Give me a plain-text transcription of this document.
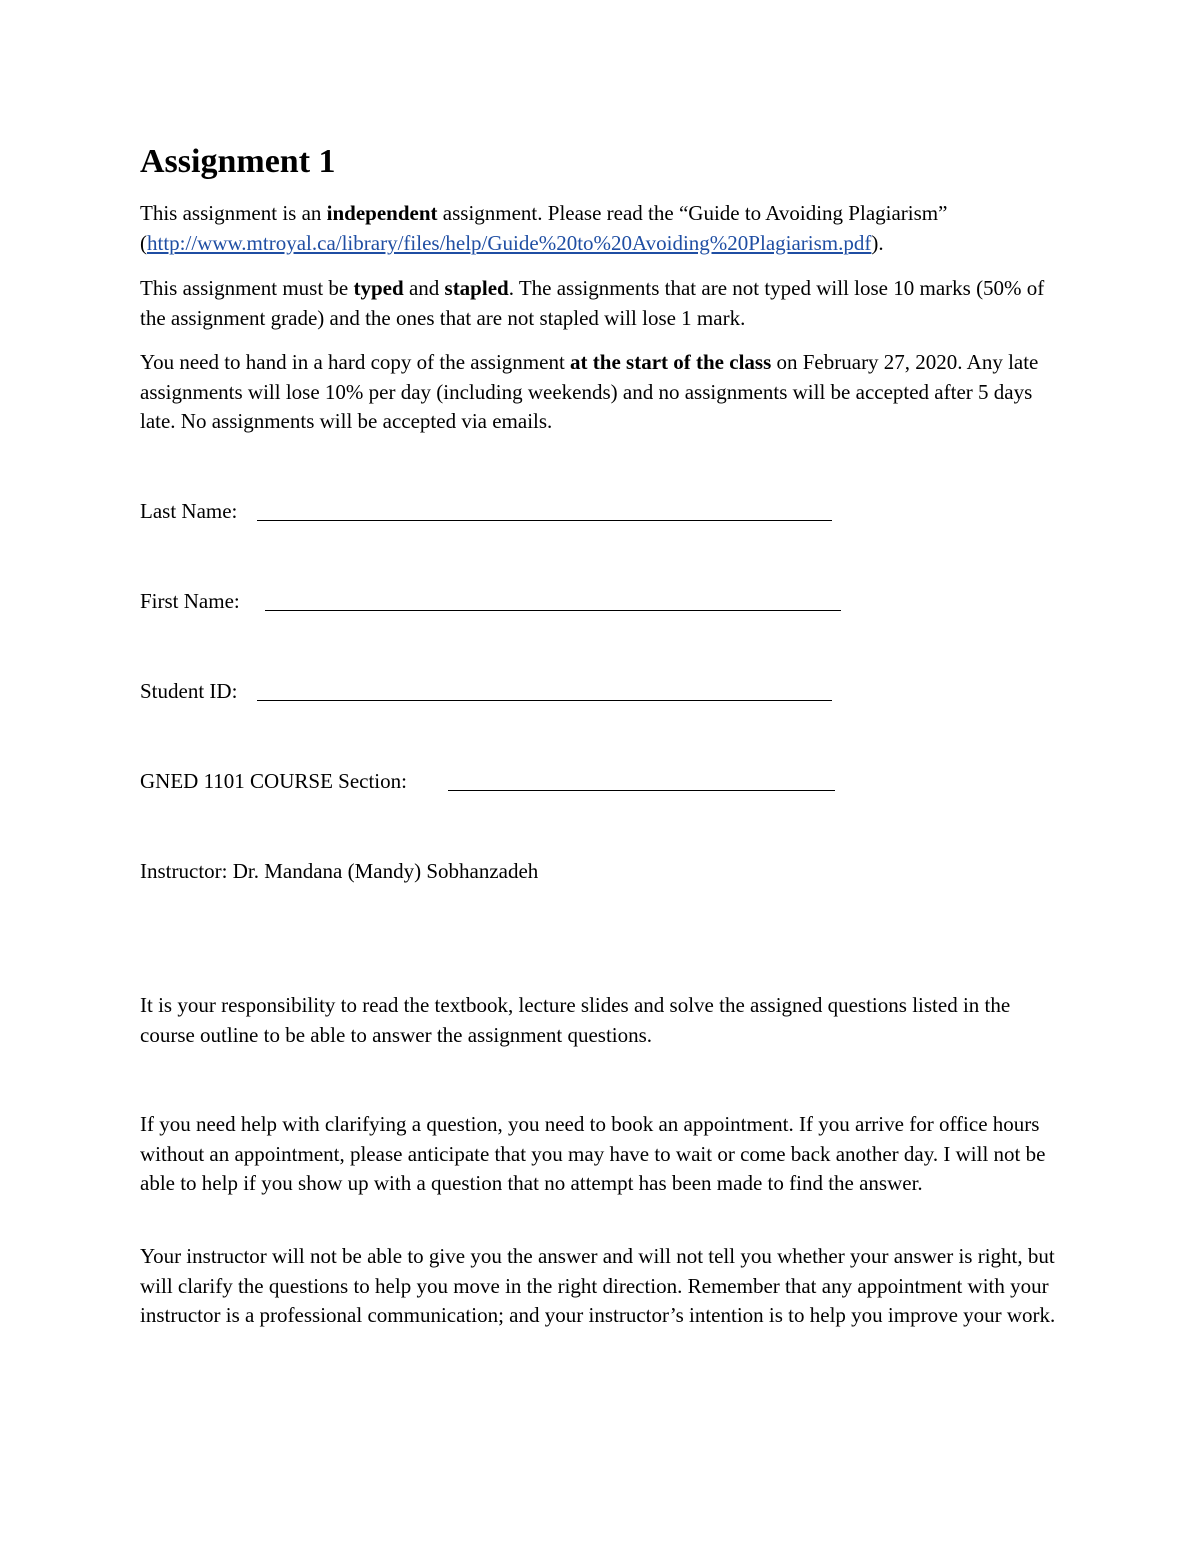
Assignment 1

This assignment is an independent assignment. Please read the “Guide to Avoiding Plagiarism” (http://www.mtroyal.ca/library/files/help/Guide%20to%20Avoiding%20Plagiarism.pdf).

This assignment must be typed and stapled. The assignments that are not typed will lose 10 marks (50% of the assignment grade) and the ones that are not stapled will lose 1 mark.

You need to hand in a hard copy of the assignment at the start of the class on February 27, 2020. Any late assignments will lose 10% per day (including weekends) and no assignments will be accepted after 5 days late. No assignments will be accepted via emails.

Last Name:
First Name:
Student ID:
GNED 1101 COURSE Section:
Instructor: Dr. Mandana (Mandy) Sobhanzadeh

It is your responsibility to read the textbook, lecture slides and solve the assigned questions listed in the course outline to be able to answer the assignment questions.

If you need help with clarifying a question, you need to book an appointment. If you arrive for office hours without an appointment, please anticipate that you may have to wait or come back another day. I will not be able to help if you show up with a question that no attempt has been made to find the answer.

Your instructor will not be able to give you the answer and will not tell you whether your answer is right, but will clarify the questions to help you move in the right direction. Remember that any appointment with your instructor is a professional communication; and your instructor’s intention is to help you improve your work.
